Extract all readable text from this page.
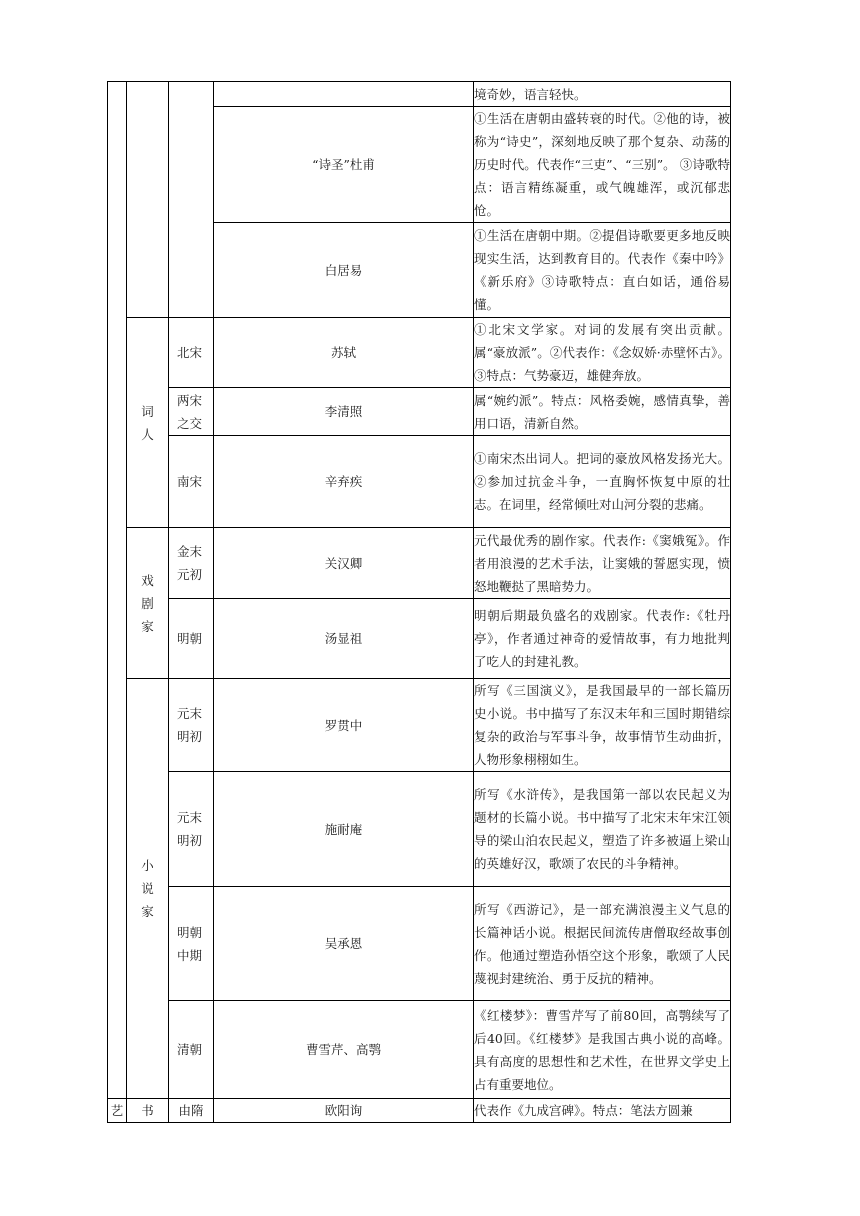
				境奇妙，语言轻快。
			“诗圣”杜甫	①生活在唐朝由盛转衰的时代。②他的诗，被称为“诗史”，深刻地反映了那个复杂、动荡的历史时代。代表作“三吏”、“三别”。 ③诗歌特点：语言精练凝重，或气魄雄浑，或沉郁悲怆。
			白居易	①生活在唐朝中期。②提倡诗歌要更多地反映现实生活，达到教育目的。代表作《秦中吟》《新乐府》③诗歌特点：直白如话，通俗易懂。

	词人	北宋	苏轼	①北宋文学家。对词的发展有突出贡献。属“豪放派”。②代表作：《念奴娇·赤壁怀古》。③特点：气势豪迈，雄健奔放。

		两宋之交	李清照	属“婉约派”。特点：风格委婉，感情真挚，善用口语，清新自然。

		南宋	辛弃疾	①南宋杰出词人。把词的豪放风格发扬光大。②参加过抗金斗争，一直胸怀恢复中原的壮志。在词里，经常倾吐对山河分裂的悲痛。

	戏剧家	金末元初	关汉卿	元代最优秀的剧作家。代表作:《窦娥冤》。作者用浪漫的艺术手法，让窦娥的誓愿实现，愤怒地鞭挞了黑暗势力。

		明朝	汤显祖	明朝后期最负盛名的戏剧家。代表作:《牡丹亭》，作者通过神奇的爱情故事，有力地批判了吃人的封建礼教。

	小说家	元末明初	罗贯中	所写《三国演义》，是我国最早的一部长篇历史小说。书中描写了东汉末年和三国时期错综复杂的政治与军事斗争，故事情节生动曲折，人物形象栩栩如生。

		元末明初	施耐庵	所写《水浒传》，是我国第一部以农民起义为题材的长篇小说。书中描写了北宋末年宋江领导的梁山泊农民起义，塑造了许多被逼上梁山的英雄好汉，歌颂了农民的斗争精神。

		明朝中期	吴承恩	所写《西游记》，是一部充满浪漫主义气息的长篇神话小说。根据民间流传唐僧取经故事创作。他通过塑造孙悟空这个形象，歌颂了人民蔑视封建统治、勇于反抗的精神。

		清朝	曹雪芹、高鹗	《红楼梦》：曹雪芹写了前80回，高鹗续写了后40回。《红楼梦》是我国古典小说的高峰。具有高度的思想性和艺术性，在世界文学史上占有重要地位。
艺	书	由隋	欧阳询	代表作《九成宫碑》。特点：笔法方圆兼
